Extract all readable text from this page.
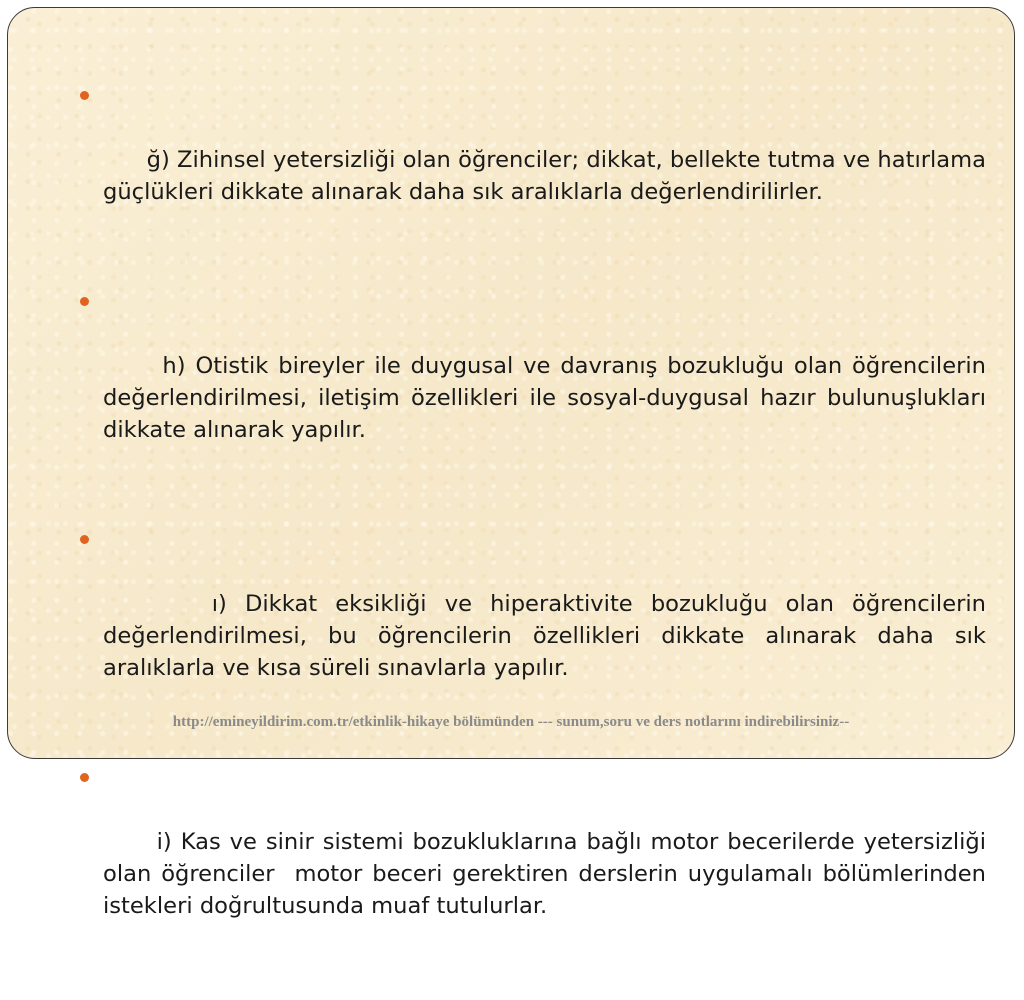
ğ) Zihinsel yetersizliği olan öğrenciler; dikkat, bellekte tutma ve hatırlama güçlükleri dikkate alınarak daha sık aralıklarla değerlendirilirler.

h) Otistik bireyler ile duygusal ve davranış bozukluğu olan öğrencilerin değerlendirilmesi, iletişim özellikleri ile sosyal-duygusal hazır bulunuşlukları dikkate alınarak yapılır.

ı) Dikkat eksikliği ve hiperaktivite bozukluğu olan öğrencilerin değerlendirilmesi, bu öğrencilerin özellikleri dikkate alınarak daha sık aralıklarla ve kısa süreli sınavlarla yapılır.

i) Kas ve sinir sistemi bozukluklarına bağlı motor becerilerde yetersizliği olan öğrenciler  motor beceri gerektiren derslerin uygulamalı bölümlerinden istekleri doğrultusunda muaf tutulurlar.

http://emineyildirim.com.tr/etkinlik-hikaye bölümünden --- sunum,soru ve ders notlarını indirebilirsiniz--
